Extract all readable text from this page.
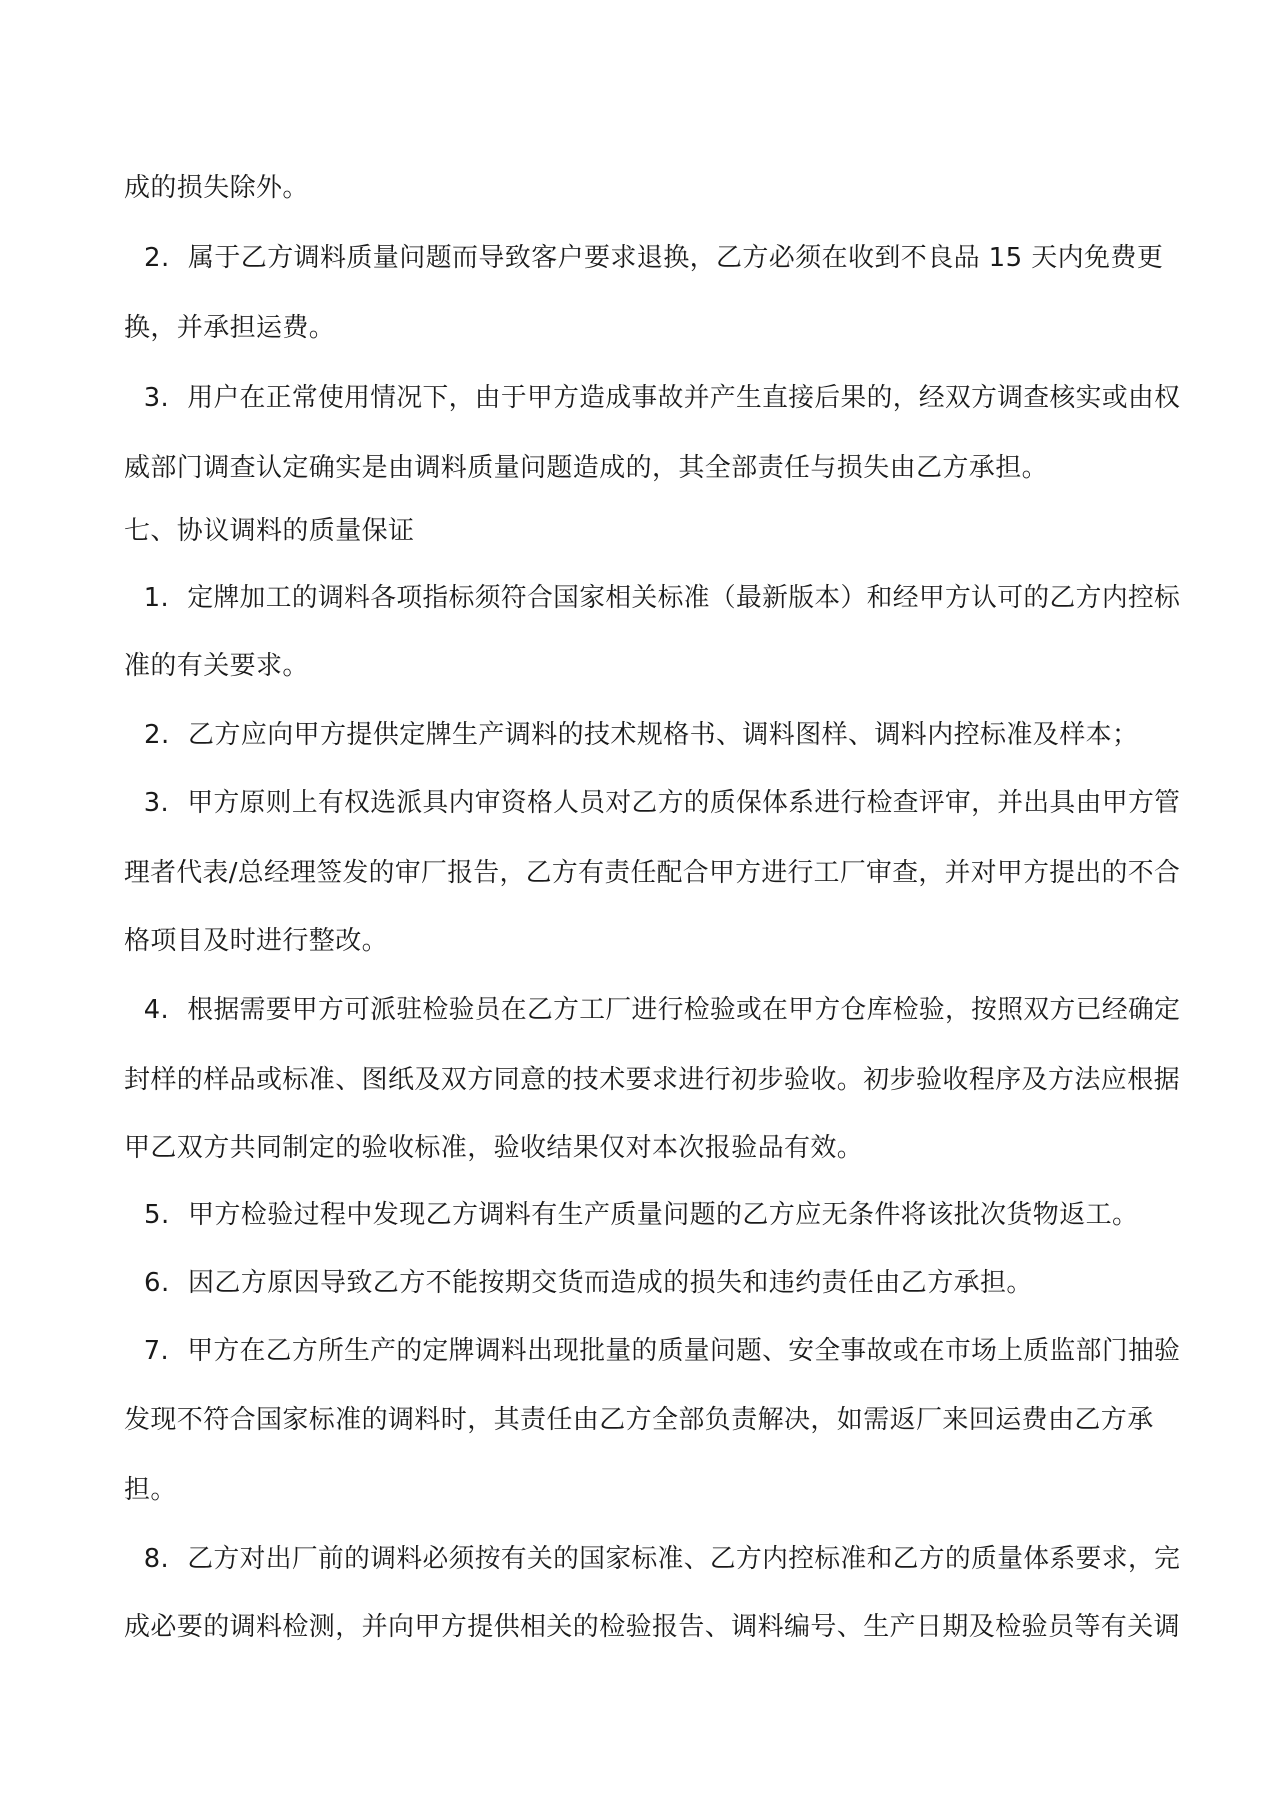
成的损失除外。
2. 属于乙方调料质量问题而导致客户要求退换，乙方必须在收到不良品 15 天内免费更
换，并承担运费。
3. 用户在正常使用情况下，由于甲方造成事故并产生直接后果的，经双方调查核实或由权
威部门调查认定确实是由调料质量问题造成的，其全部责任与损失由乙方承担。
七、协议调料的质量保证
1. 定牌加工的调料各项指标须符合国家相关标准（最新版本）和经甲方认可的乙方内控标
准的有关要求。
2. 乙方应向甲方提供定牌生产调料的技术规格书、调料图样、调料内控标准及样本；
3. 甲方原则上有权选派具内审资格人员对乙方的质保体系进行检查评审，并出具由甲方管
理者代表/总经理签发的审厂报告，乙方有责任配合甲方进行工厂审查，并对甲方提出的不合
格项目及时进行整改。
4. 根据需要甲方可派驻检验员在乙方工厂进行检验或在甲方仓库检验，按照双方已经确定
封样的样品或标准、图纸及双方同意的技术要求进行初步验收。初步验收程序及方法应根据
甲乙双方共同制定的验收标准，验收结果仅对本次报验品有效。
5. 甲方检验过程中发现乙方调料有生产质量问题的乙方应无条件将该批次货物返工。
6. 因乙方原因导致乙方不能按期交货而造成的损失和违约责任由乙方承担。
7. 甲方在乙方所生产的定牌调料出现批量的质量问题、安全事故或在市场上质监部门抽验
发现不符合国家标准的调料时，其责任由乙方全部负责解决，如需返厂来回运费由乙方承
担。
8. 乙方对出厂前的调料必须按有关的国家标准、乙方内控标准和乙方的质量体系要求，完
成必要的调料检测，并向甲方提供相关的检验报告、调料编号、生产日期及检验员等有关调
